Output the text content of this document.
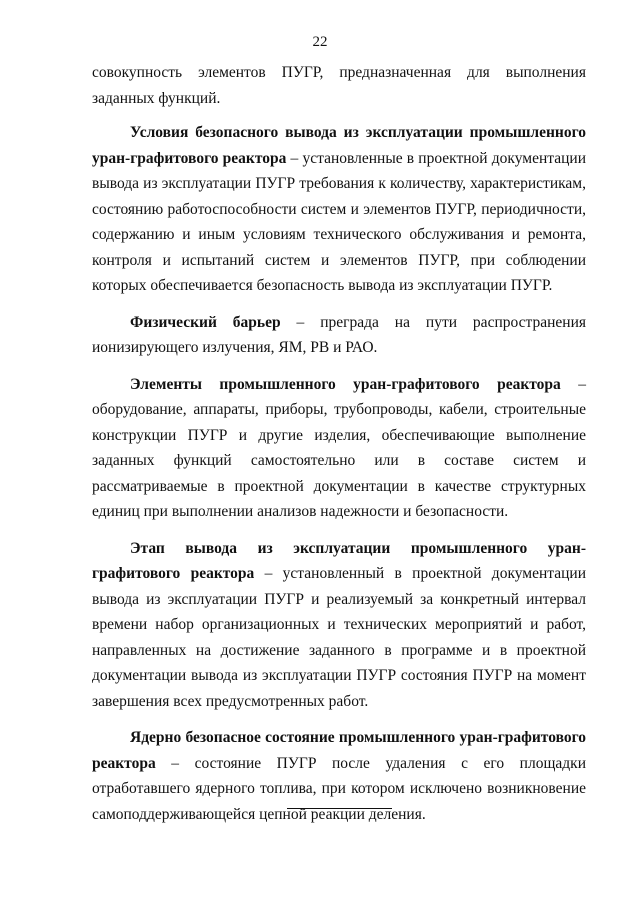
22

совокупность элементов ПУГР, предназначенная для выполнения заданных функций.

Условия безопасного вывода из эксплуатации промышленного уран-графитового реактора – установленные в проектной документации вывода из эксплуатации ПУГР требования к количеству, характеристикам, состоянию работоспособности систем и элементов ПУГР, периодичности, содержанию и иным условиям технического обслуживания и ремонта, контроля и испытаний систем и элементов ПУГР, при соблюдении которых обеспечивается безопасность вывода из эксплуатации ПУГР.

Физический барьер – преграда на пути распространения ионизирующего излучения, ЯМ, РВ и РАО.

Элементы промышленного уран-графитового реактора – оборудование, аппараты, приборы, трубопроводы, кабели, строительные конструкции ПУГР и другие изделия, обеспечивающие выполнение заданных функций самостоятельно или в составе систем и рассматриваемые в проектной документации в качестве структурных единиц при выполнении анализов надежности и безопасности.

Этап вывода из эксплуатации промышленного уран-графитового реактора – установленный в проектной документации вывода из эксплуатации ПУГР и реализуемый за конкретный интервал времени набор организационных и технических мероприятий и работ, направленных на достижение заданного в программе и в проектной документации вывода из эксплуатации ПУГР состояния ПУГР на момент завершения всех предусмотренных работ.

Ядерно безопасное состояние промышленного уран-графитового реактора – состояние ПУГР после удаления с его площадки отработавшего ядерного топлива, при котором исключено возникновение самоподдерживающейся цепной реакции деления.
